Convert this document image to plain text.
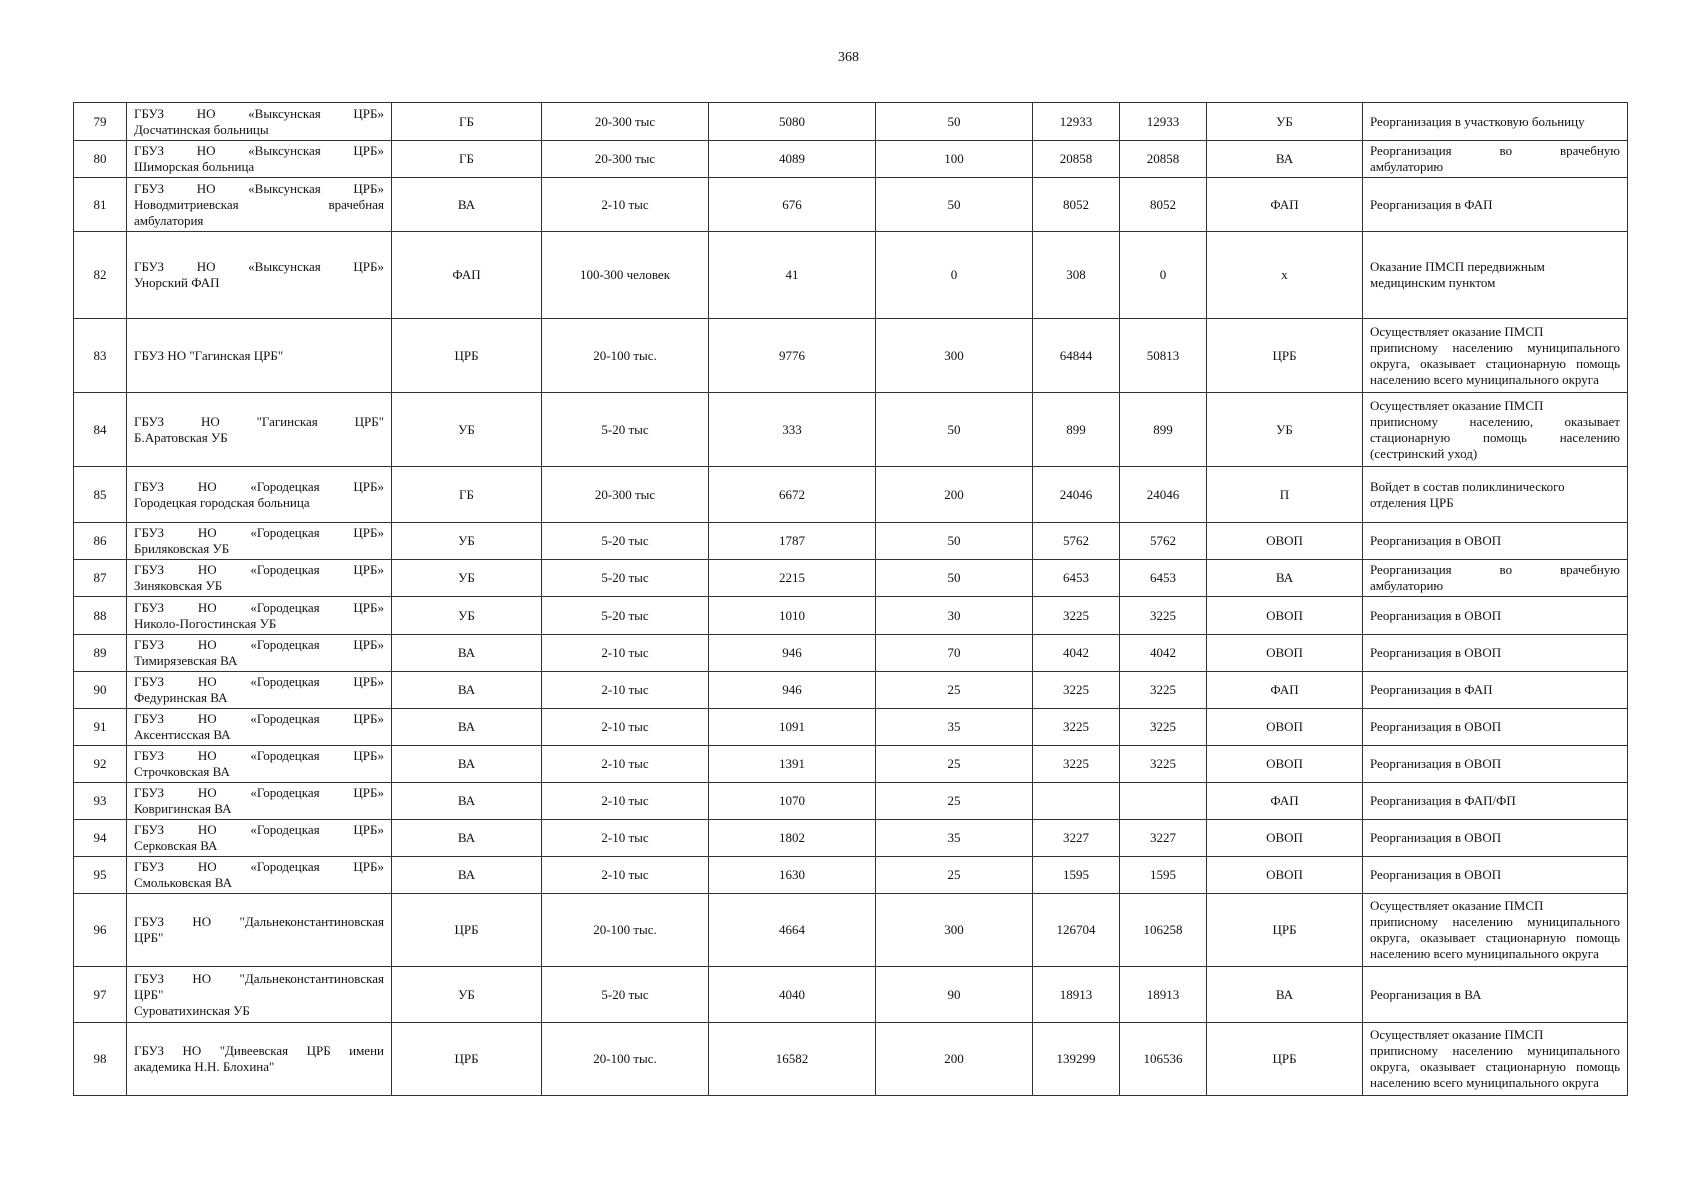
368
79	ГБУЗ НО «Выксунская ЦРБ»
Досчатинская больницы	ГБ	20-300 тыс	5080	50	12933	12933	УБ	Реорганизация в участковую больницу

80	ГБУЗ НО «Выксунская ЦРБ»
Шиморская больница	ГБ	20-300 тыс	4089	100	20858	20858	ВА	Реорганизация во врачебную
амбулаторию

81	ГБУЗ НО «Выксунская ЦРБ»
Новодмитриевская врачебная
амбулатория	ВА	2-10 тыс	676	50	8052	8052	ФАП	Реорганизация в ФАП

82	ГБУЗ НО «Выксунская ЦРБ»
Унорский ФАП	ФАП	100-300 человек	41	0	308	0	х	Оказание ПМСП передвижным
медицинским пунктом

83	ГБУЗ НО "Гагинская ЦРБ"	ЦРБ	20-100 тыс.	9776	300	64844	50813	ЦРБ	Осуществляет оказание ПМСП
приписному населению муниципального
округа, оказывает стационарную помощь
населению всего муниципального округа

84	ГБУЗ НО "Гагинская ЦРБ"
Б.Аратовская УБ	УБ	5-20 тыс	333	50	899	899	УБ	Осуществляет оказание ПМСП
приписному населению, оказывает
стационарную помощь населению
(сестринский уход)

85	ГБУЗ НО «Городецкая ЦРБ»
Городецкая городская больница	ГБ	20-300 тыс	6672	200	24046	24046	П	Войдет в состав поликлинического
отделения ЦРБ

86	ГБУЗ НО «Городецкая ЦРБ»
Бриляковская УБ	УБ	5-20 тыс	1787	50	5762	5762	ОВОП	Реорганизация в ОВОП

87	ГБУЗ НО «Городецкая ЦРБ»
Зиняковская УБ	УБ	5-20 тыс	2215	50	6453	6453	ВА	Реорганизация во врачебную
амбулаторию

88	ГБУЗ НО «Городецкая ЦРБ»
Николо-Погостинская УБ	УБ	5-20 тыс	1010	30	3225	3225	ОВОП	Реорганизация в ОВОП

89	ГБУЗ НО «Городецкая ЦРБ»
Тимирязевская ВА	ВА	2-10 тыс	946	70	4042	4042	ОВОП	Реорганизация в ОВОП

90	ГБУЗ НО «Городецкая ЦРБ»
Федуринская ВА	ВА	2-10 тыс	946	25	3225	3225	ФАП	Реорганизация в ФАП

91	ГБУЗ НО «Городецкая ЦРБ»
Аксентисская ВА	ВА	2-10 тыс	1091	35	3225	3225	ОВОП	Реорганизация в ОВОП

92	ГБУЗ НО «Городецкая ЦРБ»
Строчковская ВА	ВА	2-10 тыс	1391	25	3225	3225	ОВОП	Реорганизация в ОВОП

93	ГБУЗ НО «Городецкая ЦРБ»
Ковригинская ВА	ВА	2-10 тыс	1070	25			ФАП	Реорганизация в ФАП/ФП

94	ГБУЗ НО «Городецкая ЦРБ»
Серковская ВА	ВА	2-10 тыс	1802	35	3227	3227	ОВОП	Реорганизация в ОВОП

95	ГБУЗ НО «Городецкая ЦРБ»
Смольковская ВА	ВА	2-10 тыс	1630	25	1595	1595	ОВОП	Реорганизация в ОВОП

96	ГБУЗ НО "Дальнеконстантиновская
ЦРБ"	ЦРБ	20-100 тыс.	4664	300	126704	106258	ЦРБ	Осуществляет оказание ПМСП
приписному населению муниципального
округа, оказывает стационарную помощь
населению всего муниципального округа

97	ГБУЗ НО "Дальнеконстантиновская
ЦРБ"
Суроватихинская УБ	УБ	5-20 тыс	4040	90	18913	18913	ВА	Реорганизация в ВА

98	ГБУЗ НО "Дивеевская ЦРБ имени
академика Н.Н. Блохина"	ЦРБ	20-100 тыс.	16582	200	139299	106536	ЦРБ	Осуществляет оказание ПМСП
приписному населению муниципального
округа, оказывает стационарную помощь
населению всего муниципального округа
